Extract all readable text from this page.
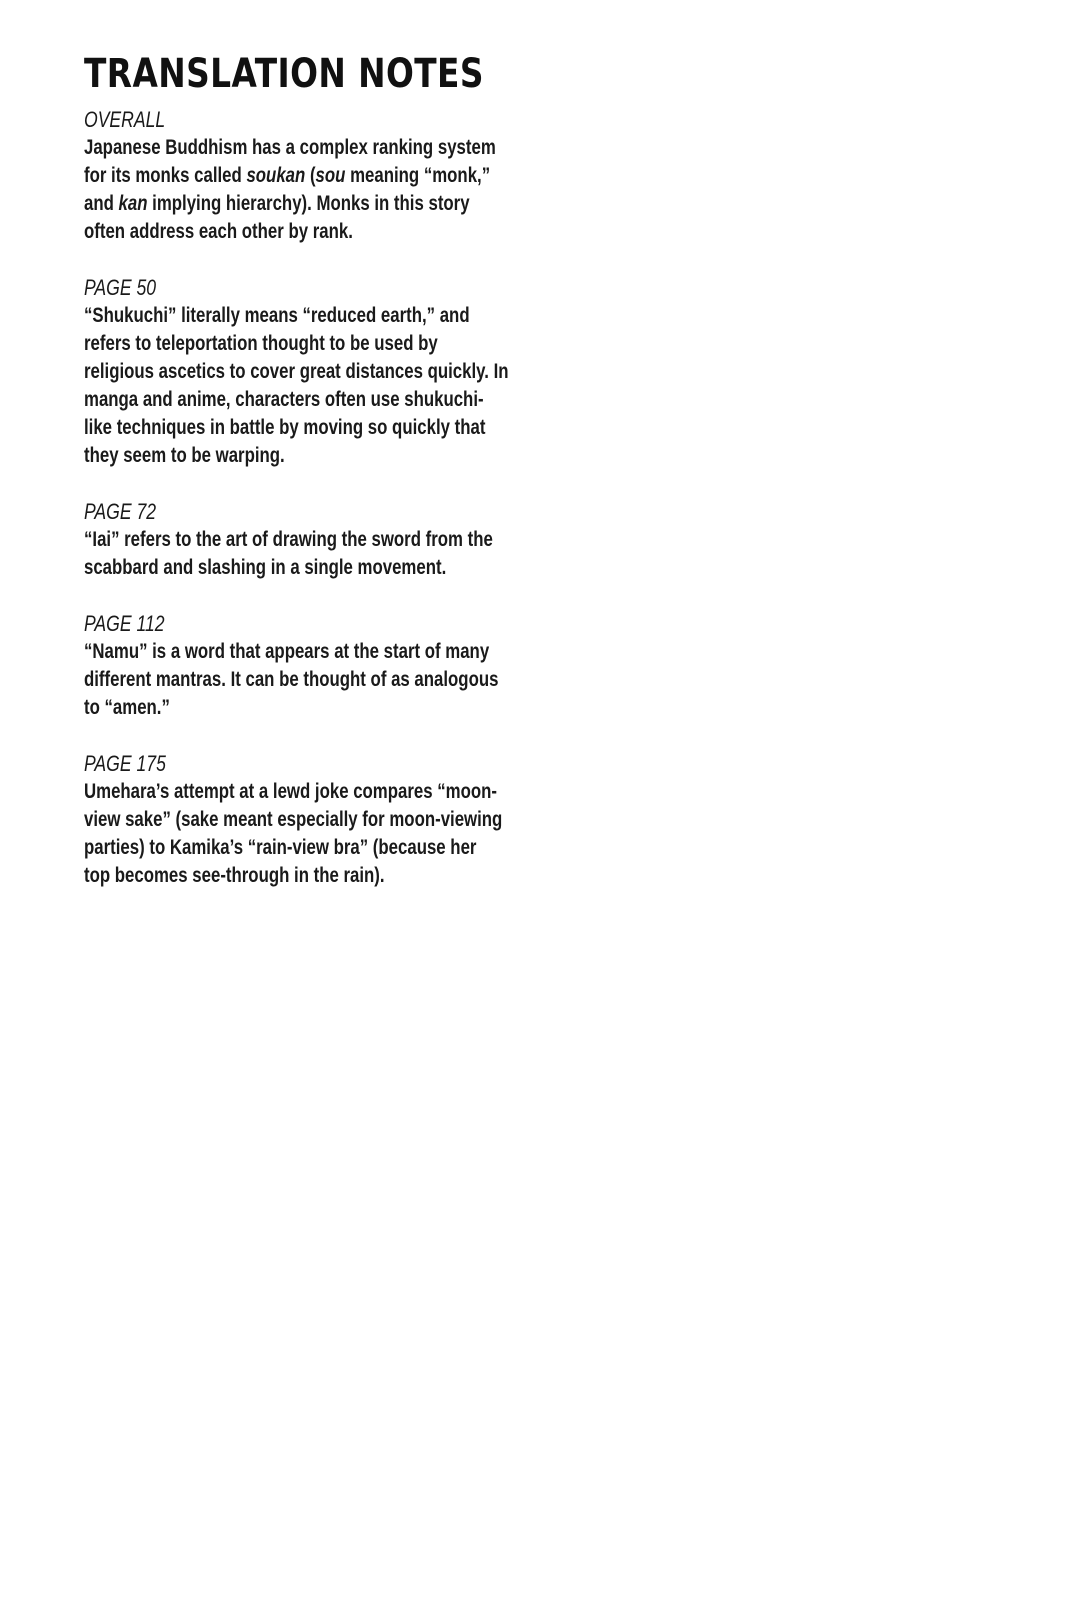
TRANSLATION NOTES
OVERALL
Japanese Buddhism has a complex ranking system
for its monks called soukan (sou meaning “monk,”
and kan implying hierarchy). Monks in this story
often address each other by rank.
PAGE 50
“Shukuchi” literally means “reduced earth,” and
refers to teleportation thought to be used by
religious ascetics to cover great distances quickly. In
manga and anime, characters often use shukuchi-
like techniques in battle by moving so quickly that
they seem to be warping.
PAGE 72
“Iai” refers to the art of drawing the sword from the
scabbard and slashing in a single movement.
PAGE 112
“Namu” is a word that appears at the start of many
different mantras. It can be thought of as analogous
to “amen.”
PAGE 175
Umehara’s attempt at a lewd joke compares “moon-
view sake” (sake meant especially for moon-viewing
parties) to Kamika’s “rain-view bra” (because her
top becomes see-through in the rain).
